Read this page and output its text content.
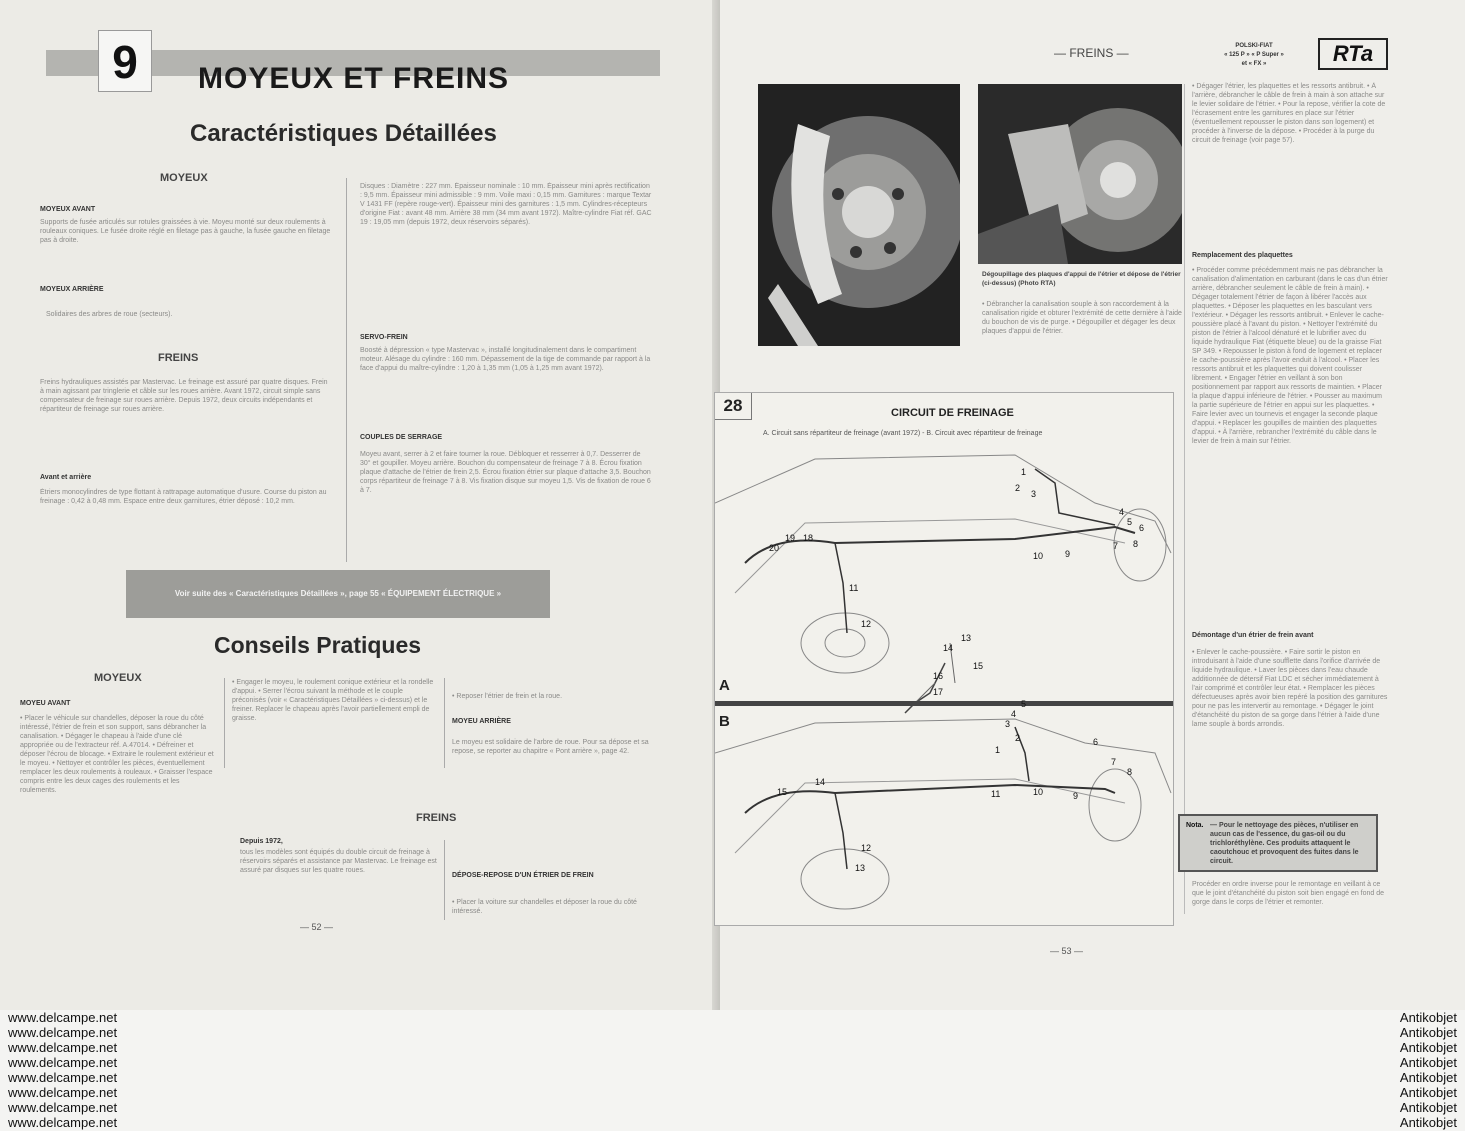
9	MOYEUX ET FREINS
Caractéristiques Détaillées
MOYEUX
MOYEUX AVANT
Supports de fusée articulés sur rotules graissées à vie. Moyeu monté sur deux roulements à rouleaux coniques. Le fusée droite réglé en filetage pas à gauche, la fusée gauche en filetage pas à droite.
MOYEUX ARRIÈRE
Solidaires des arbres de roue (secteurs).
FREINS
Freins hydrauliques assistés par Mastervac. Le freinage est assuré par quatre disques. Frein à main agissant par tringlerie et câble sur les roues arrière. Avant 1972, circuit simple sans compensateur de freinage sur roues arrière. Depuis 1972, deux circuits indépendants et répartiteur de freinage sur roues arrière.
Avant et arrière
Étriers monocylindres de type flottant à rattrapage automatique d'usure. Course du piston au freinage : 0,42 à 0,48 mm. Espace entre deux garnitures, étrier déposé : 10,2 mm.
Disques : Diamètre : 227 mm. Épaisseur nominale : 10 mm. Épaisseur mini après rectification : 9,5 mm. Épaisseur mini admissible : 9 mm. Voile maxi : 0,15 mm. Garnitures : marque Textar V 1431 FF (repère rouge-vert). Épaisseur mini des garnitures : 1,5 mm. Cylindres-récepteurs d'origine Fiat : avant 48 mm. Arrière 38 mm (34 mm avant 1972). Maître-cylindre Fiat réf. GAC 19 : 19,05 mm (depuis 1972, deux réservoirs séparés).
SERVO-FREIN
Boosté à dépression « type Mastervac », installé longitudinalement dans le compartiment moteur. Alésage du cylindre : 160 mm. Dépassement de la tige de commande par rapport à la face d'appui du maître-cylindre : 1,20 à 1,35 mm (1,05 à 1,25 mm avant 1972).
COUPLES DE SERRAGE
Moyeu avant, serrer à 2 et faire tourner la roue. Débloquer et resserrer à 0,7. Desserrer de 30° et goupiller. Moyeu arrière. Bouchon du compensateur de freinage 7 à 8. Écrou fixation plaque d'attache de l'étrier de frein 2,5. Écrou fixation étrier sur plaque d'attache 3,5. Bouchon corps répartiteur de freinage 7 à 8. Vis fixation disque sur moyeu 1,5. Vis de fixation de roue 6 à 7.
Voir suite des « Caractéristiques Détaillées », page 55 « ÉQUIPEMENT ÉLECTRIQUE »
Conseils Pratiques
MOYEUX
MOYEU AVANT
• Placer le véhicule sur chandelles, déposer la roue du côté intéressé, l'étrier de frein et son support, sans débrancher la canalisation. • Dégager le chapeau à l'aide d'une clé appropriée ou de l'extracteur réf. A.47014. • Défreiner et déposer l'écrou de blocage. • Extraire le roulement extérieur et le moyeu. • Nettoyer et contrôler les pièces, éventuellement remplacer les deux roulements à rouleaux. • Graisser l'espace compris entre les deux cages des roulements et les roulements.
• Engager le moyeu, le roulement conique extérieur et la rondelle d'appui. • Serrer l'écrou suivant la méthode et le couple préconisés (voir « Caractéristiques Détaillées » ci-dessus) et le freiner. Replacer le chapeau après l'avoir partiellement empli de graisse.
• Reposer l'étrier de frein et la roue.
MOYEU ARRIÈRE
Le moyeu est solidaire de l'arbre de roue. Pour sa dépose et sa repose, se reporter au chapitre « Pont arrière », page 42.
FREINS
Depuis 1972,
tous les modèles sont équipés du double circuit de freinage à réservoirs séparés et assistance par Mastervac. Le freinage est assuré par disques sur les quatre roues.
DÉPOSE-REPOSE D'UN ÉTRIER DE FREIN
• Placer la voiture sur chandelles et déposer la roue du côté intéressé.
— 52 —
— FREINS —	POLSKI-FIAT
« 125 P » « P Super »
et « FX »	RTa
Dégoupillage des plaques d'appui de l'étrier et dépose de l'étrier (ci-dessus) (Photo RTA)
• Débrancher la canalisation souple à son raccordement à la canalisation rigide et obturer l'extrémité de cette dernière à l'aide du bouchon de vis de purge. • Dégoupiller et dégager les deux plaques d'appui de l'étrier.
• Dégager l'étrier, les plaquettes et les ressorts antibruit. • À l'arrière, débrancher le câble de frein à main à son attache sur le levier solidaire de l'étrier. • Pour la repose, vérifier la cote de l'écrasement entre les garnitures en place sur l'étrier (éventuellement repousser le piston dans son logement) et procéder à l'inverse de la dépose. • Procéder à la purge du circuit de freinage (voir page 57).
Remplacement des plaquettes
• Procéder comme précédemment mais ne pas débrancher la canalisation d'alimentation en carburant (dans le cas d'un étrier arrière, débrancher seulement le câble de frein à main). • Dégager totalement l'étrier de façon à libérer l'accès aux plaquettes. • Déposer les plaquettes en les basculant vers l'extérieur. • Dégager les ressorts antibruit. • Enlever le cache-poussière placé à l'avant du piston. • Nettoyer l'extrémité du piston de l'étrier à l'alcool dénaturé et le lubrifier avec du liquide hydraulique Fiat (étiquette bleue) ou de la graisse Fiat SP 349. • Repousser le piston à fond de logement et replacer le cache-poussière après l'avoir enduit à l'alcool. • Placer les ressorts antibruit et les plaquettes qui doivent coulisser librement. • Engager l'étrier en veillant à son bon positionnement par rapport aux ressorts de maintien. • Placer la plaque d'appui inférieure de l'étrier. • Pousser au maximum la partie supérieure de l'étrier en appui sur les plaquettes. • Faire levier avec un tournevis et engager la seconde plaque d'appui. • Replacer les goupilles de maintien des plaquettes d'appui. • À l'arrière, rebrancher l'extrémité du câble dans le levier de frein à main sur l'étrier.
Démontage d'un étrier de frein avant
• Enlever le cache-poussière. • Faire sortir le piston en introduisant à l'aide d'une soufflette dans l'orifice d'arrivée de liquide hydraulique. • Laver les pièces dans l'eau chaude additionnée de détersif Fiat LDC et sécher immédiatement à l'air comprimé et contrôler leur état. • Remplacer les pièces défectueuses après avoir bien repéré la position des garnitures pour ne pas les intervertir au remontage. • Dégager le joint d'étanchéité du piston de sa gorge dans l'étrier à l'aide d'une lame souple à bords arrondis.
Nota. — Pour le nettoyage des pièces, n'utiliser en aucun cas de l'essence, du gas-oil ou du trichloréthylène. Ces produits attaquent le caoutchouc et provoquent des fuites dans le circuit.
Procéder en ordre inverse pour le remontage en veillant à ce que le joint d'étanchéité du piston soit bien engagé en fond de gorge dans le corps de l'étrier et remonter.
— 53 —
28	CIRCUIT DE FREINAGE
A. Circuit sans répartiteur de freinage (avant 1972) - B. Circuit avec répartiteur de freinage
A
B
1
2
3
4
5
6
7 8
9
10
11
12
13
14
15
16
17
18
19
20
1
2
3
4
5
6
7
8
9
10
11
12
13
14
15
www.delcampe.net
www.delcampe.net
www.delcampe.net
www.delcampe.net
www.delcampe.net
www.delcampe.net
www.delcampe.net
www.delcampe.net
Antikobjet
Antikobjet
Antikobjet
Antikobjet
Antikobjet
Antikobjet
Antikobjet
Antikobjet
